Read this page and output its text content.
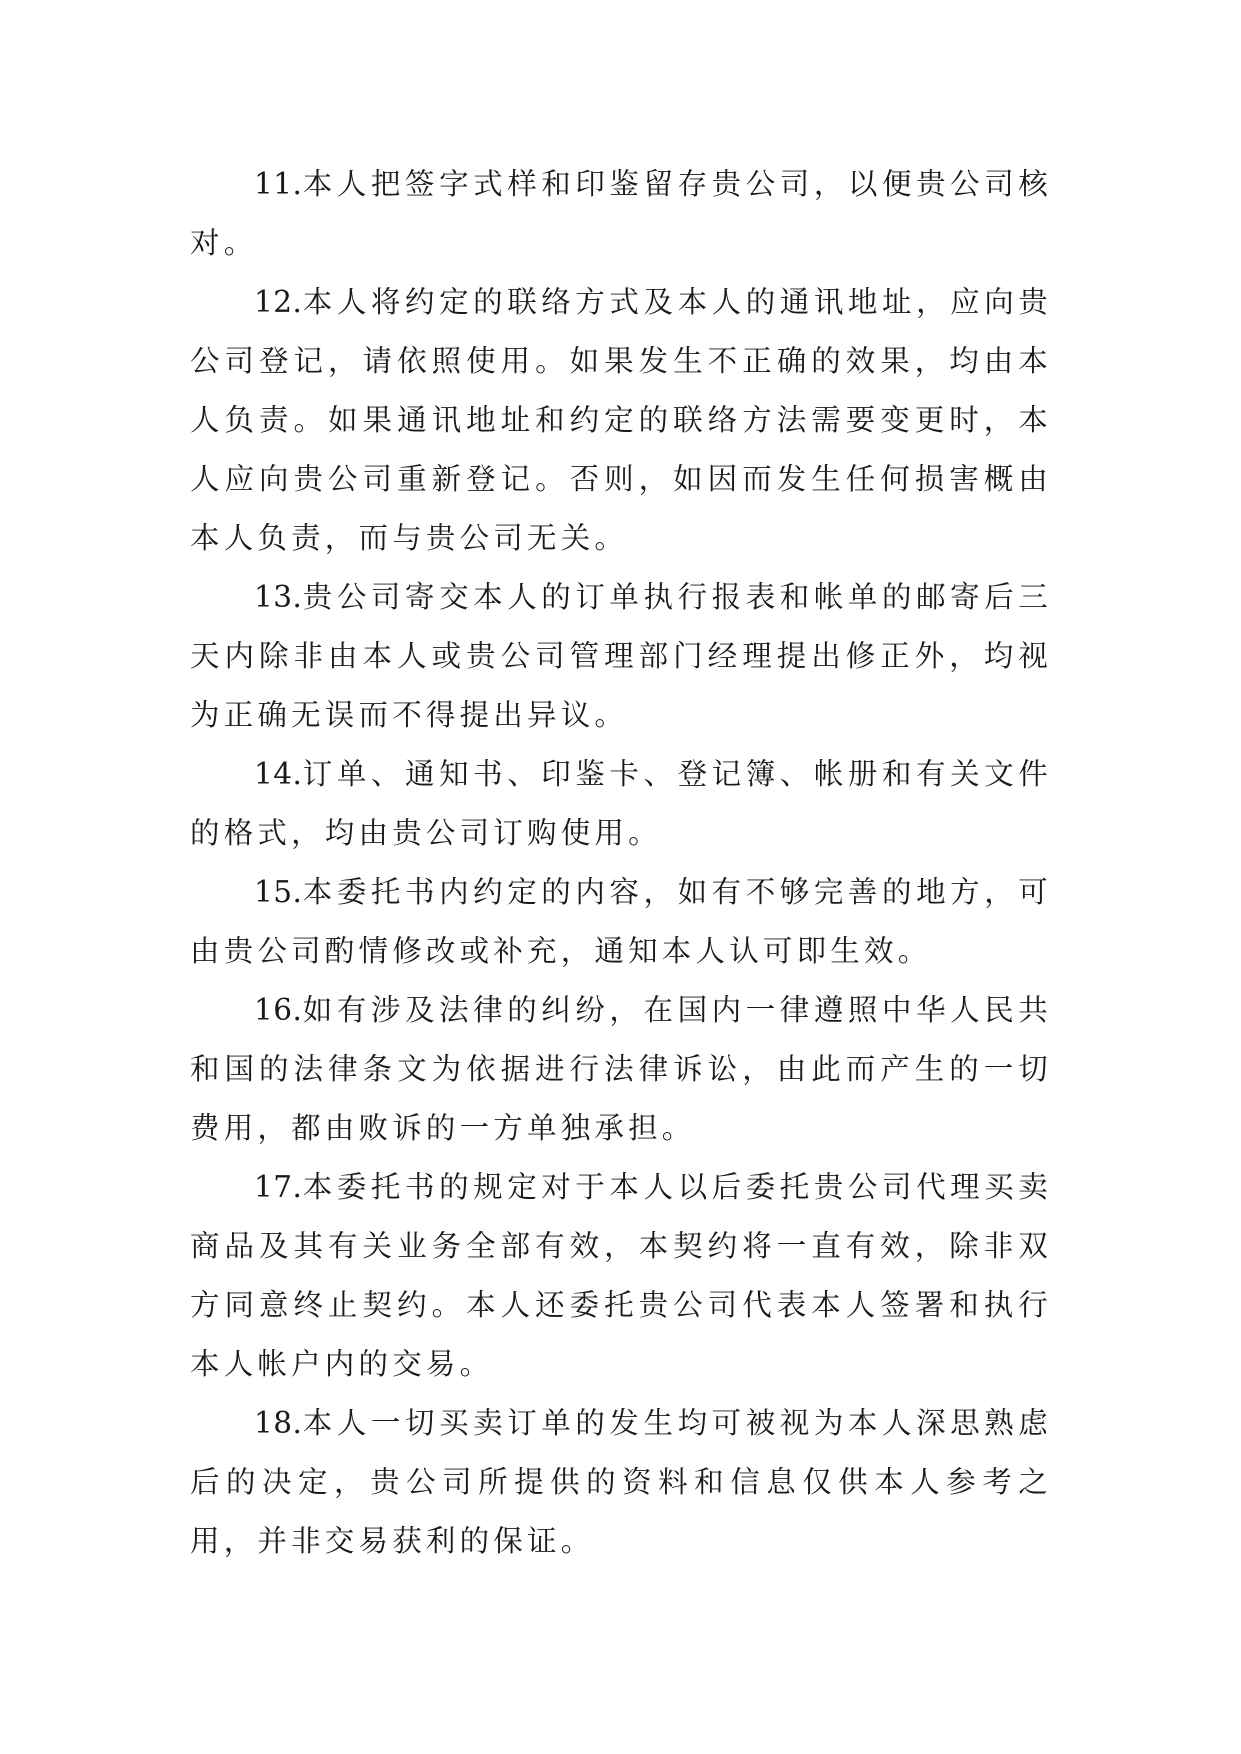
11.本人把签字式样和印鉴留存贵公司，以便贵公司核对。

12.本人将约定的联络方式及本人的通讯地址，应向贵公司登记，请依照使用。如果发生不正确的效果，均由本人负责。如果通讯地址和约定的联络方法需要变更时，本人应向贵公司重新登记。否则，如因而发生任何损害概由本人负责，而与贵公司无关。

13.贵公司寄交本人的订单执行报表和帐单的邮寄后三天内除非由本人或贵公司管理部门经理提出修正外，均视为正确无误而不得提出异议。

14.订单、通知书、印鉴卡、登记簿、帐册和有关文件的格式，均由贵公司订购使用。

15.本委托书内约定的内容，如有不够完善的地方，可由贵公司酌情修改或补充，通知本人认可即生效。

16.如有涉及法律的纠纷，在国内一律遵照中华人民共和国的法律条文为依据进行法律诉讼，由此而产生的一切费用，都由败诉的一方单独承担。

17.本委托书的规定对于本人以后委托贵公司代理买卖商品及其有关业务全部有效，本契约将一直有效，除非双方同意终止契约。本人还委托贵公司代表本人签署和执行本人帐户内的交易。

18.本人一切买卖订单的发生均可被视为本人深思熟虑后的决定，贵公司所提供的资料和信息仅供本人参考之用，并非交易获利的保证。
